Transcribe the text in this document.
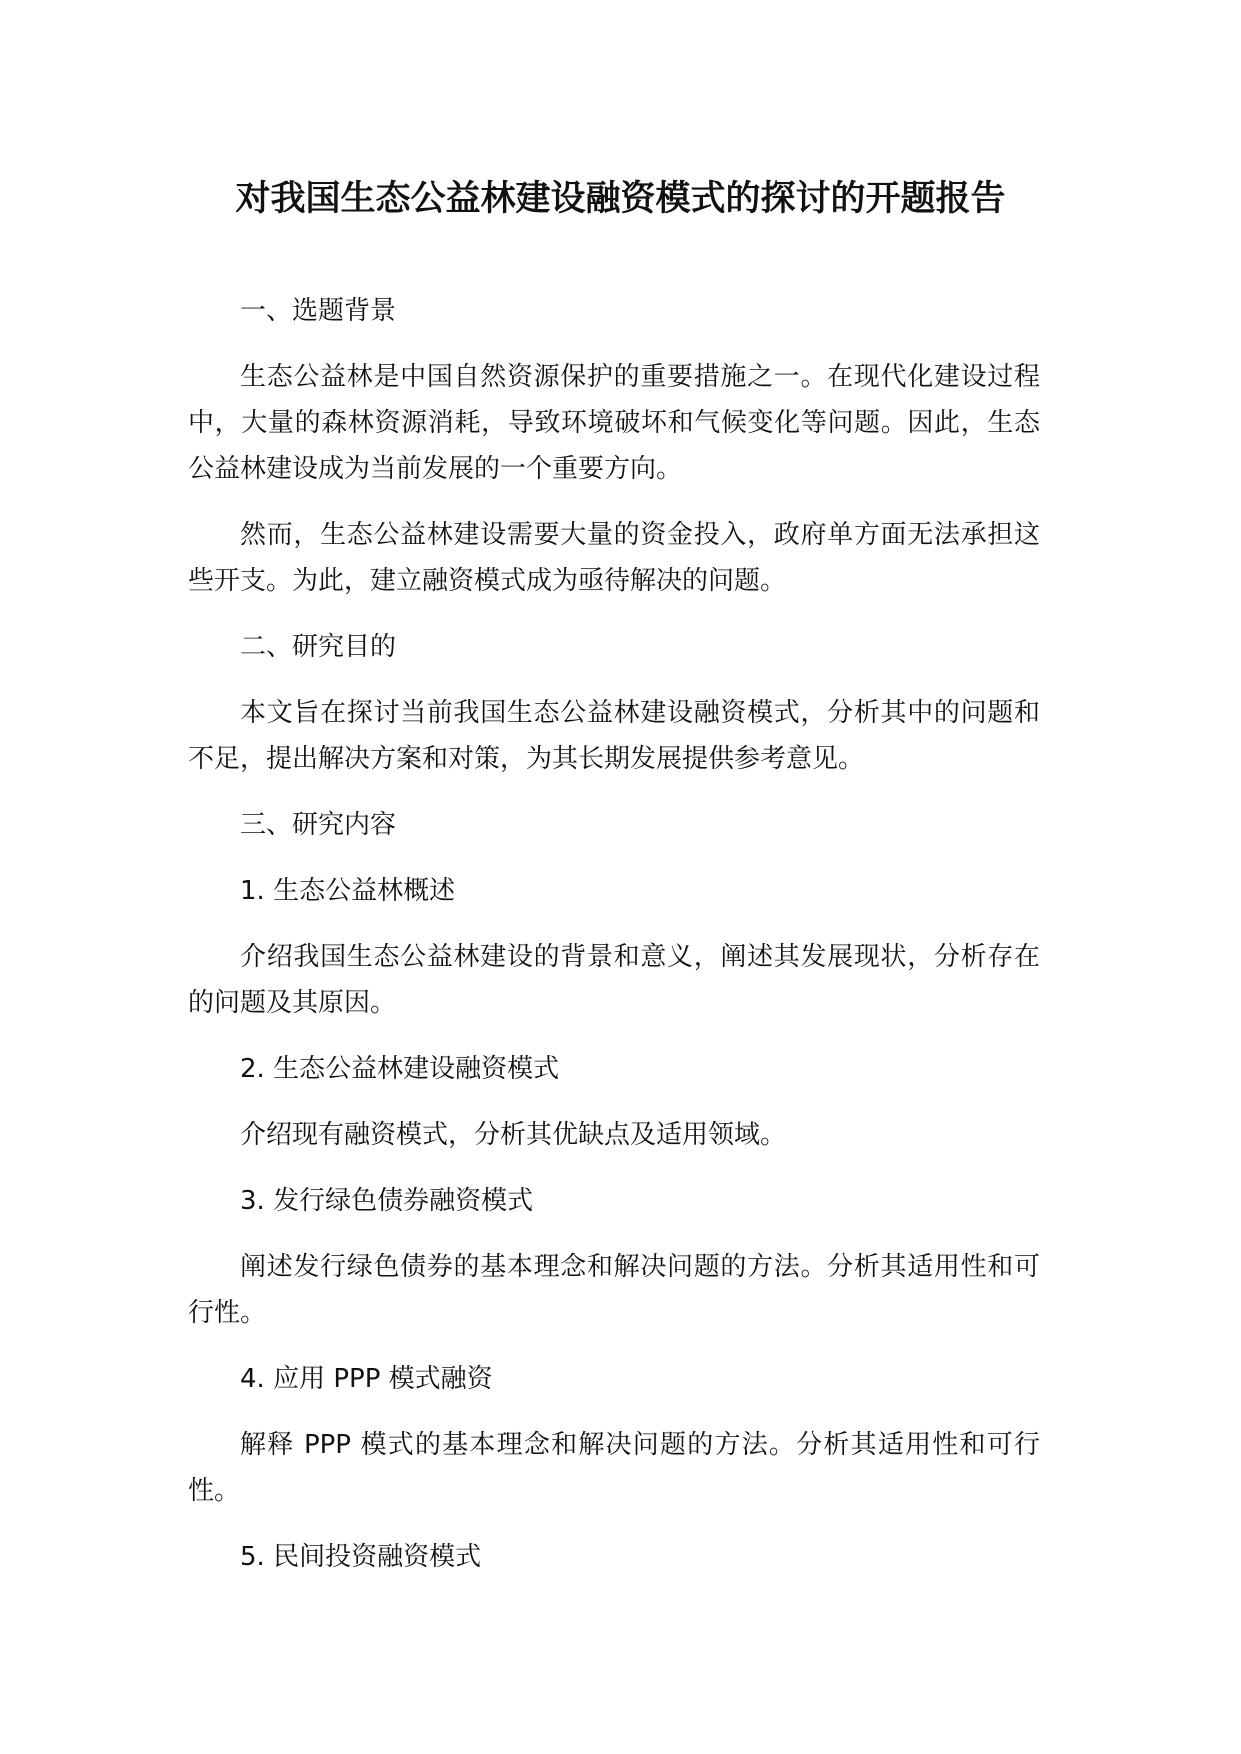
对我国生态公益林建设融资模式的探讨的开题报告

一、选题背景

生态公益林是中国自然资源保护的重要措施之一。在现代化建设过程中，大量的森林资源消耗，导致环境破坏和气候变化等问题。因此，生态公益林建设成为当前发展的一个重要方向。

然而，生态公益林建设需要大量的资金投入，政府单方面无法承担这些开支。为此，建立融资模式成为亟待解决的问题。

二、研究目的

本文旨在探讨当前我国生态公益林建设融资模式，分析其中的问题和不足，提出解决方案和对策，为其长期发展提供参考意见。

三、研究内容

1. 生态公益林概述

介绍我国生态公益林建设的背景和意义，阐述其发展现状，分析存在的问题及其原因。

2. 生态公益林建设融资模式

介绍现有融资模式，分析其优缺点及适用领域。

3. 发行绿色债券融资模式

阐述发行绿色债券的基本理念和解决问题的方法。分析其适用性和可行性。

4. 应用 PPP 模式融资

解释 PPP 模式的基本理念和解决问题的方法。分析其适用性和可行性。

5. 民间投资融资模式
